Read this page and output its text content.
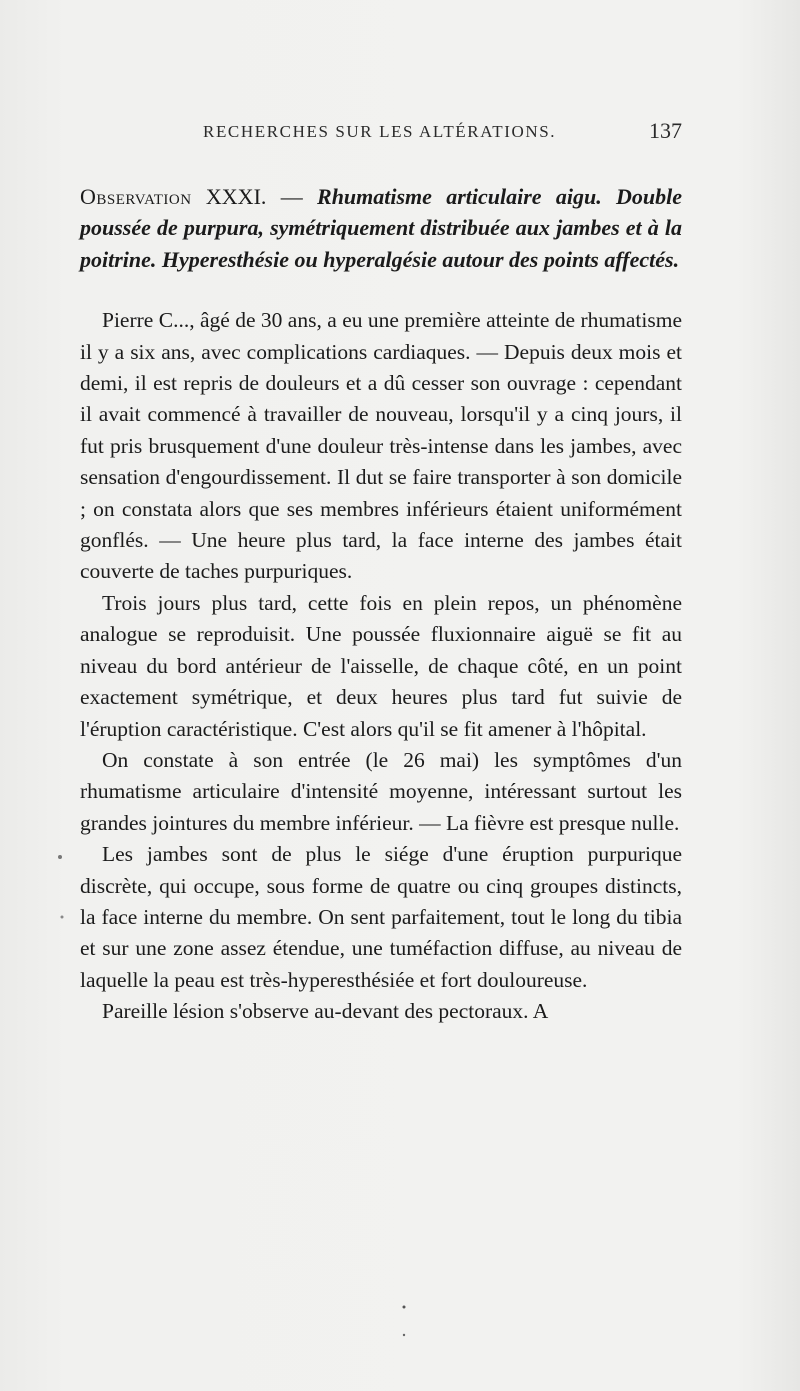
RECHERCHES SUR LES ALTÉRATIONS.	137

Observation XXXI. — Rhumatisme articulaire aigu. Double poussée de purpura, symétriquement distribuée aux jambes et à la poitrine. Hyperesthésie ou hyperalgésie autour des points affectés.

Pierre C..., âgé de 30 ans, a eu une première atteinte de rhumatisme il y a six ans, avec complications cardiaques. — Depuis deux mois et demi, il est repris de douleurs et a dû cesser son ouvrage : cependant il avait commencé à travailler de nouveau, lorsqu'il y a cinq jours, il fut pris brusquement d'une douleur très-intense dans les jambes, avec sensation d'engourdissement. Il dut se faire transporter à son domicile ; on constata alors que ses membres inférieurs étaient uniformément gonflés. — Une heure plus tard, la face interne des jambes était couverte de taches purpuriques.

Trois jours plus tard, cette fois en plein repos, un phénomène analogue se reproduisit. Une poussée fluxionnaire aiguë se fit au niveau du bord antérieur de l'aisselle, de chaque côté, en un point exactement symétrique, et deux heures plus tard fut suivie de l'éruption caractéristique. C'est alors qu'il se fit amener à l'hôpital.

On constate à son entrée (le 26 mai) les symptômes d'un rhumatisme articulaire d'intensité moyenne, intéressant surtout les grandes jointures du membre inférieur. — La fièvre est presque nulle.

Les jambes sont de plus le siége d'une éruption purpurique discrète, qui occupe, sous forme de quatre ou cinq groupes distincts, la face interne du membre. On sent parfaitement, tout le long du tibia et sur une zone assez étendue, une tuméfaction diffuse, au niveau de laquelle la peau est très-hyperesthésiée et fort douloureuse.

Pareille lésion s'observe au-devant des pectoraux. A
